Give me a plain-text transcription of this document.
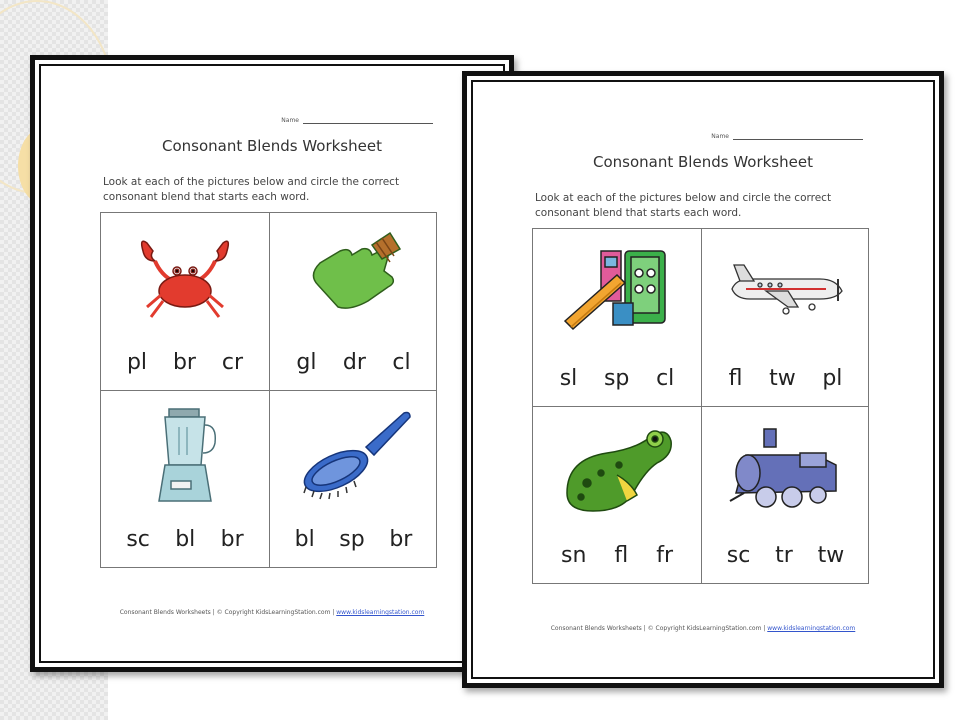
Name
Consonant Blends Worksheet
Look at each of the pictures below and circle the correct
consonant blend that starts each word.
pl br cr gl dr cl
sc bl br bl sp br
Consonant Blends Worksheets | © Copyright KidsLearningStation.com | www.kidslearningstation.com
Name
Consonant Blends Worksheet
Look at each of the pictures below and circle the correct
consonant blend that starts each word.
sl sp cl fl tw pl
sn fl fr sc tr tw
Consonant Blends Worksheets | © Copyright KidsLearningStation.com | www.kidslearningstation.com
